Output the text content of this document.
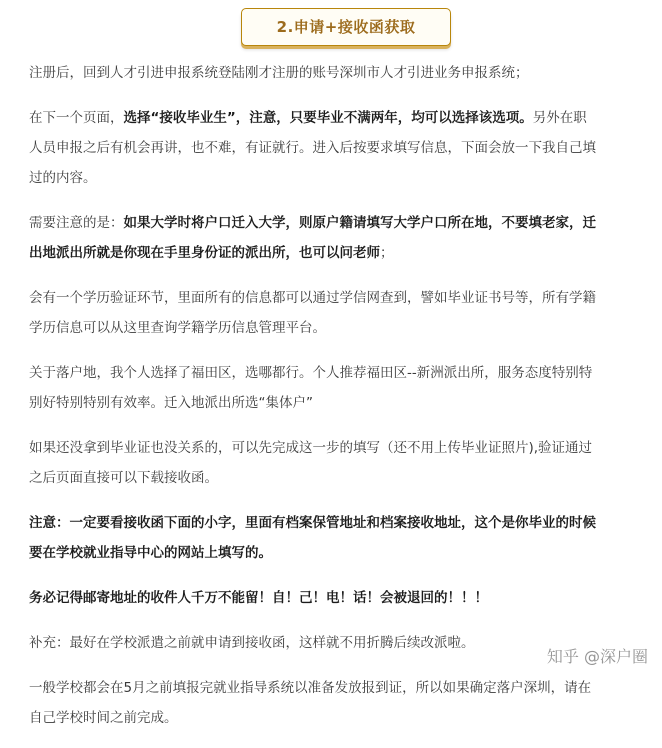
2.申请+接收函获取

注册后，回到人才引进申报系统登陆刚才注册的账号深圳市人才引进业务申报系统；

在下一个页面，选择“接收毕业生”，注意，只要毕业不满两年，均可以选择该选项。另外在职人员申报之后有机会再讲，也不难，有证就行。进入后按要求填写信息，下面会放一下我自己填过的内容。

需要注意的是：如果大学时将户口迁入大学，则原户籍请填写大学户口所在地，不要填老家，迁出地派出所就是你现在手里身份证的派出所，也可以问老师；

会有一个学历验证环节，里面所有的信息都可以通过学信网查到，譬如毕业证书号等，所有学籍学历信息可以从这里查询学籍学历信息管理平台。

关于落户地，我个人选择了福田区，选哪都行。个人推荐福田区--新洲派出所，服务态度特别特别好特别特别有效率。迁入地派出所选“集体户”

如果还没拿到毕业证也没关系的，可以先完成这一步的填写（还不用上传毕业证照片),验证通过之后页面直接可以下载接收函。

注意：一定要看接收函下面的小字，里面有档案保管地址和档案接收地址，这个是你毕业的时候要在学校就业指导中心的网站上填写的。

务必记得邮寄地址的收件人千万不能留！自！己！电！话！会被退回的！！！

补充：最好在学校派遣之前就申请到接收函，这样就不用折腾后续改派啦。

一般学校都会在5月之前填报完就业指导系统以准备发放报到证，所以如果确定落户深圳，请在自己学校时间之前完成。

知乎 @深户圈
